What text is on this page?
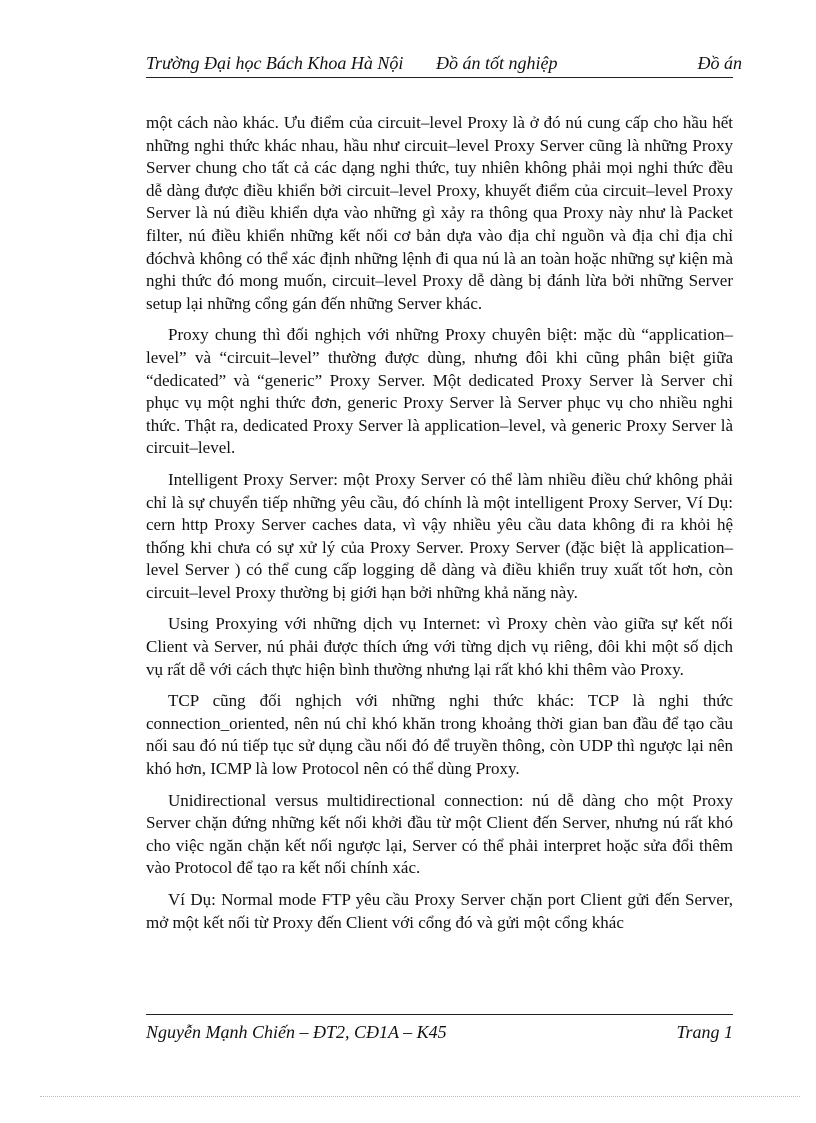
Trường Đại học Bách Khoa Hà Nội Đồ án tốt nghiệp	Đồ án

một cách nào khác. Ưu điểm của circuit–level Proxy là ở đó nú cung cấp cho hầu hết những nghi thức khác nhau, hầu như circuit–level Proxy Server cũng là những Proxy Server chung cho tất cả các dạng nghi thức, tuy nhiên không phải mọi nghi thức đều dễ dàng được điều khiển bởi circuit–level Proxy, khuyết điểm của circuit–level Proxy Server là nú điều khiển dựa vào những gì xảy ra thông qua Proxy này như là Packet filter, nú điều khiển những kết nối cơ bản dựa vào địa chỉ nguồn và địa chỉ địa chỉ đóchvà không có thể xác định những lệnh đi qua nú là an toàn hoặc những sự kiện mà nghi thức đó mong muốn, circuit–level Proxy dễ dàng bị đánh lừa bởi những Server setup lại những cổng gán đến những Server khác.

Proxy chung thì đối nghịch với những Proxy chuyên biệt: mặc dù “application–level” và “circuit–level” thường được dùng, nhưng đôi khi cũng phân biệt giữa “dedicated” và “generic” Proxy Server. Một dedicated Proxy Server là Server chỉ phục vụ một nghi thức đơn, generic Proxy Server là Server phục vụ cho nhiều nghi thức. Thật ra, dedicated Proxy Server là application–level, và generic Proxy Server là circuit–level.

Intelligent Proxy Server: một Proxy Server có thể làm nhiều điều chứ không phải chỉ là sự chuyển tiếp những yêu cầu, đó chính là một intelligent Proxy Server, Ví Dụ: cern http Proxy Server caches data, vì vậy nhiều yêu cầu data không đi ra khỏi hệ thống khi chưa có sự xử lý của Proxy Server. Proxy Server (đặc biệt là application–level Server ) có thể cung cấp logging dễ dàng và điều khiển truy xuất tốt hơn, còn circuit–level Proxy thường bị giới hạn bởi những khả năng này.

Using Proxying với những dịch vụ Internet: vì Proxy chèn vào giữa sự kết nối Client và Server, nú phải được thích ứng với từng dịch vụ riêng, đôi khi một số dịch vụ rất dễ với cách thực hiện bình thường nhưng lại rất khó khi thêm vào Proxy.

TCP cũng đối nghịch với những nghi thức khác: TCP là nghi thức connection_oriented, nên nú chỉ khó khăn trong khoảng thời gian ban đầu để tạo cầu nối sau đó nú tiếp tục sử dụng cầu nối đó để truyền thông, còn UDP thì ngược lại nên khó hơn, ICMP là low Protocol nên có thể dùng Proxy.

Unidirectional versus multidirectional connection: nú dễ dàng cho một Proxy Server chặn đứng những kết nối khởi đầu từ một Client đến Server, nhưng nú rất khó cho việc ngăn chặn kết nối ngược lại, Server có thể phải interpret hoặc sửa đổi thêm vào Protocol để tạo ra kết nối chính xác.

Ví Dụ: Normal mode FTP yêu cầu Proxy Server chặn port Client gửi đến Server, mở một kết nối từ Proxy đến Client với cổng đó và gửi một cổng khác

Nguyễn Mạnh Chiến – ĐT2, CĐ1A – K45	Trang 1
